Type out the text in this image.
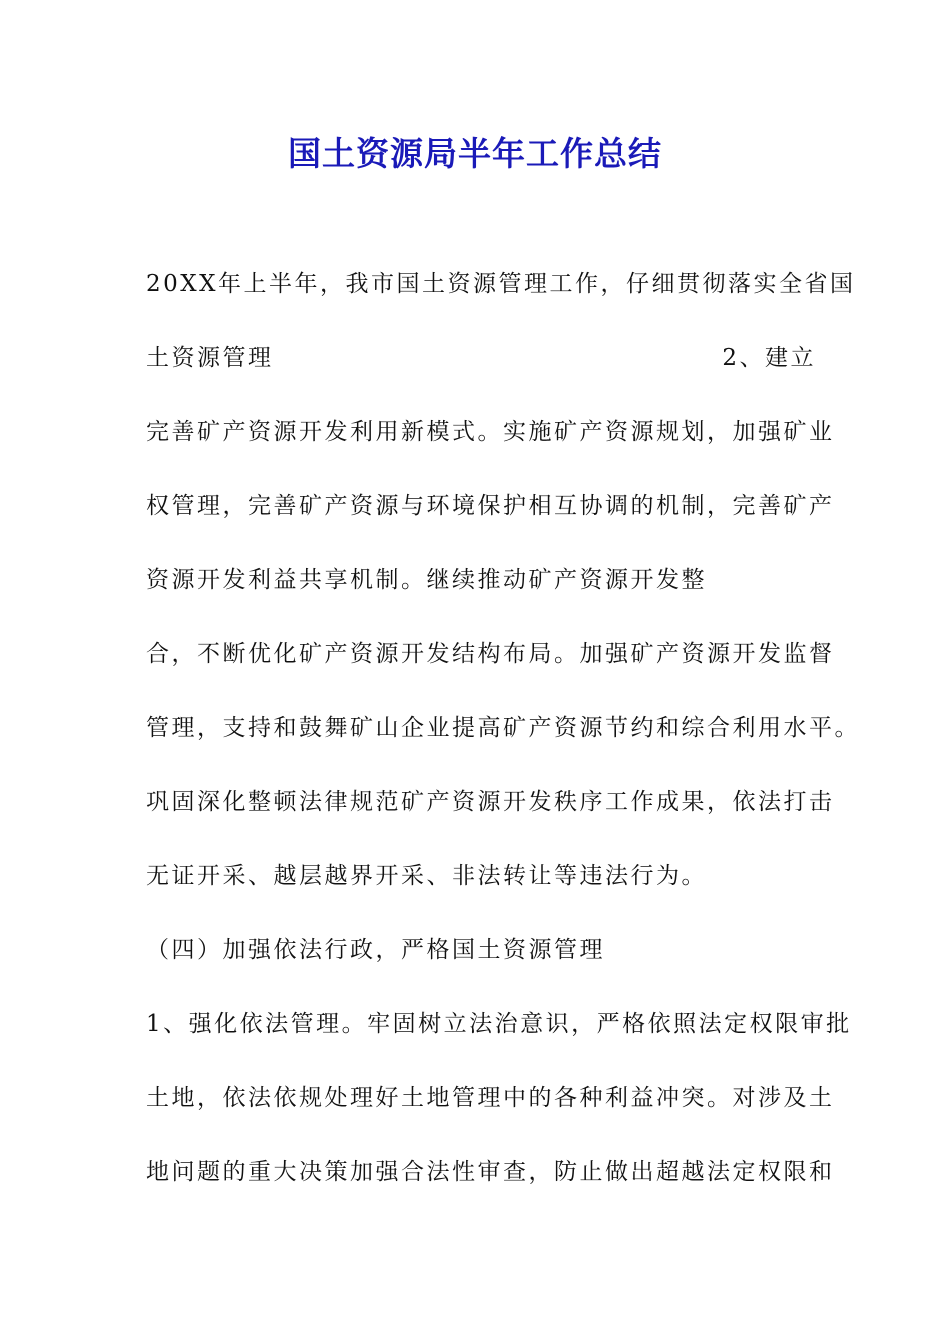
国土资源局半年工作总结
20XX年上半年，我市国土资源管理工作，仔细贯彻落实全省国
土资源管理	2、建立
完善矿产资源开发利用新模式。实施矿产资源规划，加强矿业
权管理，完善矿产资源与环境保护相互协调的机制，完善矿产
资源开发利益共享机制。继续推动矿产资源开发整
合，不断优化矿产资源开发结构布局。加强矿产资源开发监督
管理，支持和鼓舞矿山企业提高矿产资源节约和综合利用水平。
巩固深化整顿法律规范矿产资源开发秩序工作成果，依法打击
无证开采、越层越界开采、非法转让等违法行为。
（四）加强依法行政，严格国土资源管理
1、强化依法管理。牢固树立法治意识，严格依照法定权限审批
土地，依法依规处理好土地管理中的各种利益冲突。对涉及土
地问题的重大决策加强合法性审查，防止做出超越法定权限和
